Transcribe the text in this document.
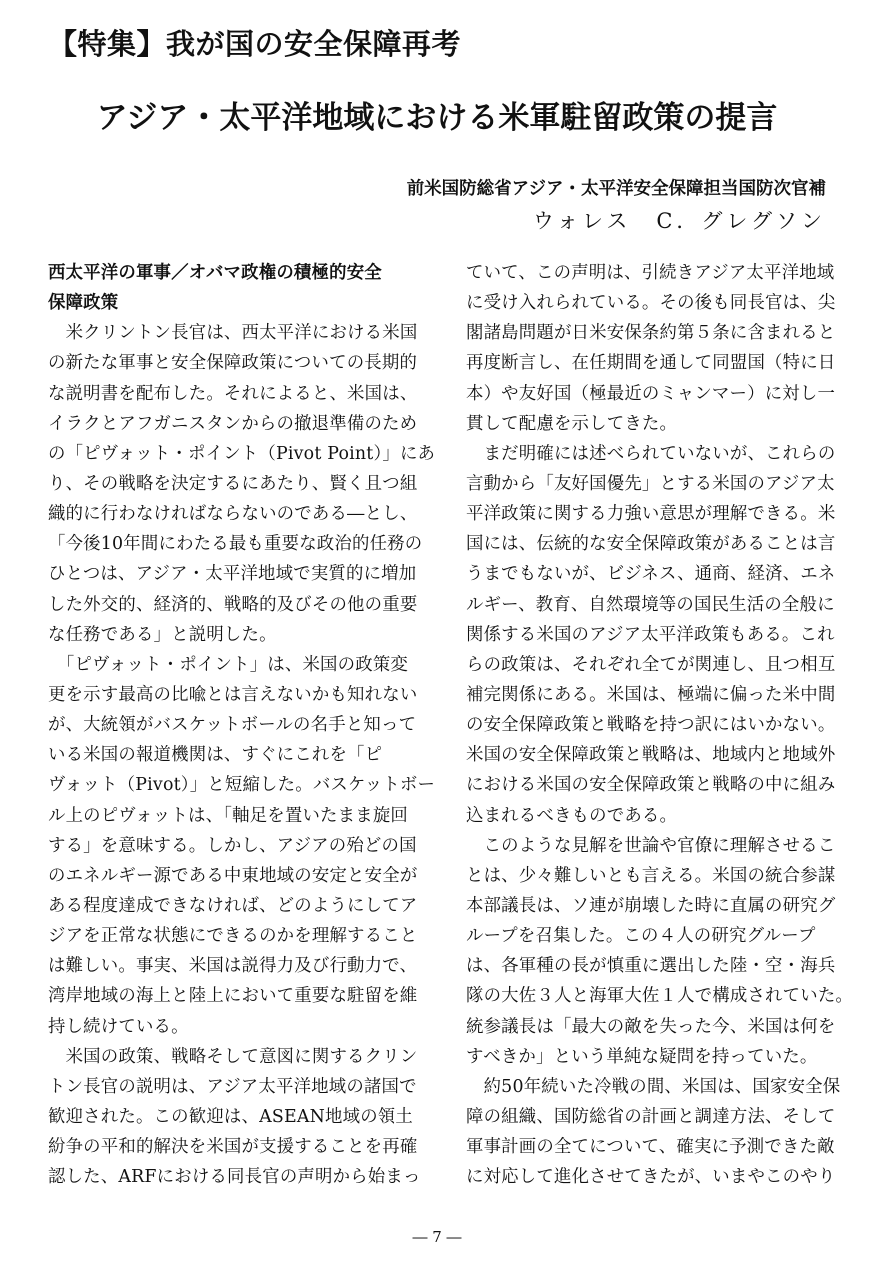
【特集】我が国の安全保障再考
アジア・太平洋地域における米軍駐留政策の提言
前米国防総省アジア・太平洋安全保障担当国防次官補
ウォレス　C．グレグソン
西太平洋の軍事／オバマ政権の積極的安全
保障政策
　米クリントン長官は、西太平洋における米国
の新たな軍事と安全保障政策についての長期的
な説明書を配布した。それによると、米国は、
イラクとアフガニスタンからの撤退準備のため
の「ピヴォット・ポイント（Pivot Point）」にあ
り、その戦略を決定するにあたり、賢く且つ組
織的に行わなければならないのである―とし、
「今後10年間にわたる最も重要な政治的任務の
ひとつは、アジア・太平洋地域で実質的に増加
した外交的、経済的、戦略的及びその他の重要
な任務である」と説明した。
　「ピヴォット・ポイント」は、米国の政策変
更を示す最高の比喩とは言えないかも知れない
が、大統領がバスケットボールの名手と知って
いる米国の報道機関は、すぐにこれを「ピ
ヴォット（Pivot）」と短縮した。バスケットボー
ル上のピヴォットは、「軸足を置いたまま旋回
する」を意味する。しかし、アジアの殆どの国
のエネルギー源である中東地域の安定と安全が
ある程度達成できなければ、どのようにしてア
ジアを正常な状態にできるのかを理解すること
は難しい。事実、米国は説得力及び行動力で、
湾岸地域の海上と陸上において重要な駐留を維
持し続けている。
　米国の政策、戦略そして意図に関するクリン
トン長官の説明は、アジア太平洋地域の諸国で
歓迎された。この歓迎は、ASEAN地域の領土
紛争の平和的解決を米国が支援することを再確
認した、ARFにおける同長官の声明から始まっ
ていて、この声明は、引続きアジア太平洋地域
に受け入れられている。その後も同長官は、尖
閣諸島問題が日米安保条約第５条に含まれると
再度断言し、在任期間を通して同盟国（特に日
本）や友好国（極最近のミャンマー）に対し一
貫して配慮を示してきた。
　まだ明確には述べられていないが、これらの
言動から「友好国優先」とする米国のアジア太
平洋政策に関する力強い意思が理解できる。米
国には、伝統的な安全保障政策があることは言
うまでもないが、ビジネス、通商、経済、エネ
ルギー、教育、自然環境等の国民生活の全般に
関係する米国のアジア太平洋政策もある。これ
らの政策は、それぞれ全てが関連し、且つ相互
補完関係にある。米国は、極端に偏った米中間
の安全保障政策と戦略を持つ訳にはいかない。
米国の安全保障政策と戦略は、地域内と地域外
における米国の安全保障政策と戦略の中に組み
込まれるべきものである。
　このような見解を世論や官僚に理解させるこ
とは、少々難しいとも言える。米国の統合参謀
本部議長は、ソ連が崩壊した時に直属の研究グ
ループを召集した。この４人の研究グループ
は、各軍種の長が慎重に選出した陸・空・海兵
隊の大佐３人と海軍大佐１人で構成されていた。
統参議長は「最大の敵を失った今、米国は何を
すべきか」という単純な疑問を持っていた。
　約50年続いた冷戦の間、米国は、国家安全保
障の組織、国防総省の計画と調達方法、そして
軍事計画の全てについて、確実に予測できた敵
に対応して進化させてきたが、いまやこのやり
― 7 ―
